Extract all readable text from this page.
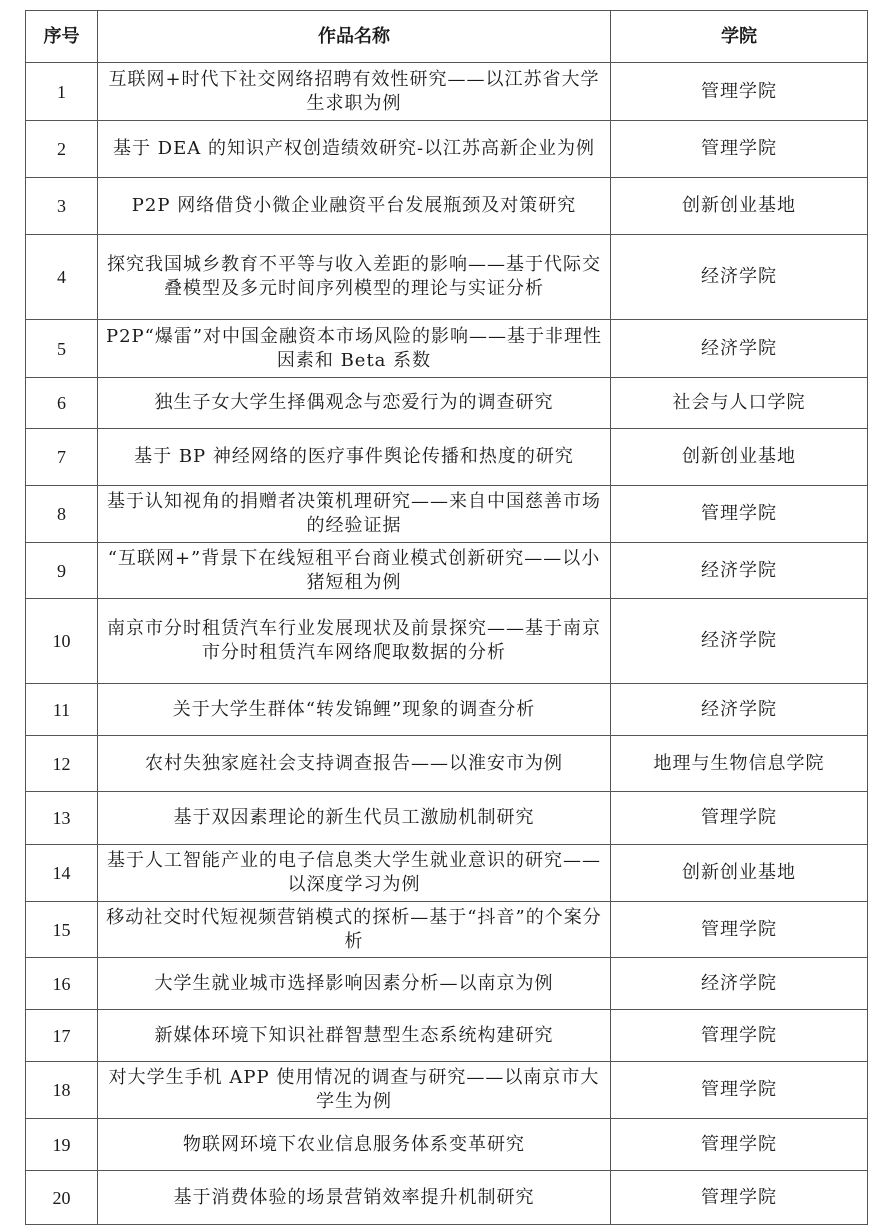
序号	作品名称	学院
1	互联网+时代下社交网络招聘有效性研究——以江苏省大学生求职为例	管理学院
2	基于 DEA 的知识产权创造绩效研究-以江苏高新企业为例	管理学院
3	P2P 网络借贷小微企业融资平台发展瓶颈及对策研究	创新创业基地
4	探究我国城乡教育不平等与收入差距的影响——基于代际交叠模型及多元时间序列模型的理论与实证分析	经济学院
5	P2P“爆雷”对中国金融资本市场风险的影响——基于非理性因素和 Beta 系数	经济学院
6	独生子女大学生择偶观念与恋爱行为的调查研究	社会与人口学院
7	基于 BP 神经网络的医疗事件舆论传播和热度的研究	创新创业基地
8	基于认知视角的捐赠者决策机理研究——来自中国慈善市场的经验证据	管理学院
9	“互联网+”背景下在线短租平台商业模式创新研究——以小猪短租为例	经济学院
10	南京市分时租赁汽车行业发展现状及前景探究——基于南京市分时租赁汽车网络爬取数据的分析	经济学院
11	关于大学生群体“转发锦鲤”现象的调查分析	经济学院
12	农村失独家庭社会支持调查报告——以淮安市为例	地理与生物信息学院
13	基于双因素理论的新生代员工激励机制研究	管理学院
14	基于人工智能产业的电子信息类大学生就业意识的研究——以深度学习为例	创新创业基地
15	移动社交时代短视频营销模式的探析—基于“抖音”的个案分析	管理学院
16	大学生就业城市选择影响因素分析—以南京为例	经济学院
17	新媒体环境下知识社群智慧型生态系统构建研究	管理学院
18	对大学生手机 APP 使用情况的调查与研究——以南京市大学生为例	管理学院
19	物联网环境下农业信息服务体系变革研究	管理学院
20	基于消费体验的场景营销效率提升机制研究	管理学院
